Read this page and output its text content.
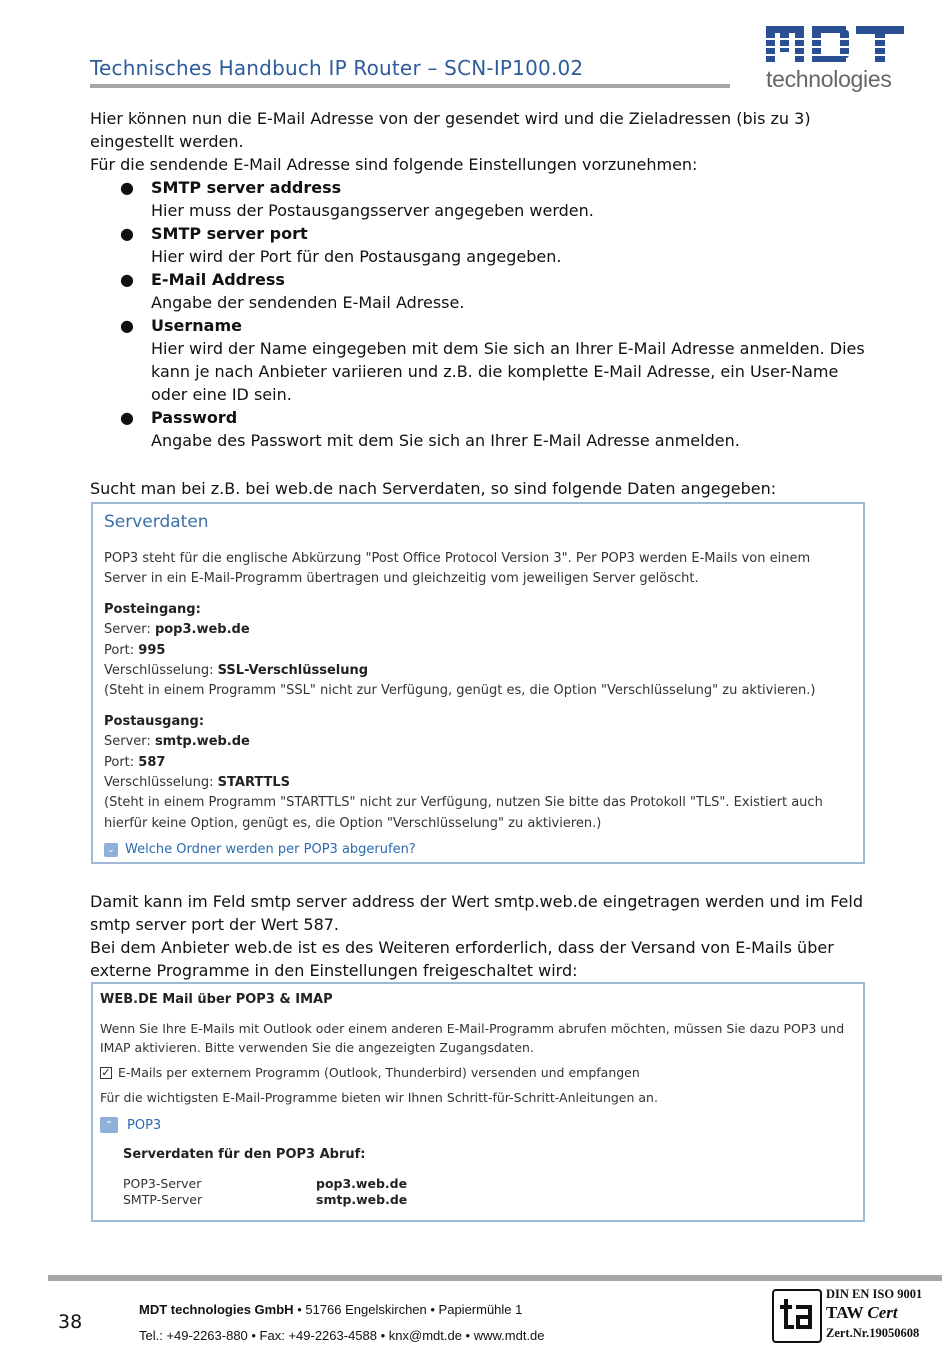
Technisches Handbuch IP Router – SCN-IP100.02	technologies
Hier können nun die E-Mail Adresse von der gesendet wird und die Zieladressen (bis zu 3) eingestellt werden.
Für die sendende E-Mail Adresse sind folgende Einstellungen vorzunehmen:
● SMTP server address
Hier muss der Postausgangsserver angegeben werden.
● SMTP server port
Hier wird der Port für den Postausgang angegeben.
● E-Mail Address
Angabe der sendenden E-Mail Adresse.
● Username
Hier wird der Name eingegeben mit dem Sie sich an Ihrer E-Mail Adresse anmelden. Dies kann je nach Anbieter variieren und z.B. die komplette E-Mail Adresse, ein User-Name oder eine ID sein.
● Password
Angabe des Passwort mit dem Sie sich an Ihrer E-Mail Adresse anmelden.
Sucht man bei z.B. bei web.de nach Serverdaten, so sind folgende Daten angegeben:
Serverdaten
POP3 steht für die englische Abkürzung "Post Office Protocol Version 3". Per POP3 werden E-Mails von einem Server in ein E-Mail-Programm übertragen und gleichzeitig vom jeweiligen Server gelöscht.
Posteingang:
Server: pop3.web.de
Port: 995
Verschlüsselung: SSL-Verschlüsselung
(Steht in einem Programm "SSL" nicht zur Verfügung, genügt es, die Option "Verschlüsselung" zu aktivieren.)
Postausgang:
Server: smtp.web.de
Port: 587
Verschlüsselung: STARTTLS
(Steht in einem Programm "STARTTLS" nicht zur Verfügung, nutzen Sie bitte das Protokoll "TLS". Existiert auch hierfür keine Option, genügt es, die Option "Verschlüsselung" zu aktivieren.)
⌄ Welche Ordner werden per POP3 abgerufen?
Damit kann im Feld smtp server address der Wert smtp.web.de eingetragen werden und im Feld smtp server port der Wert 587.
Bei dem Anbieter web.de ist es des Weiteren erforderlich, dass der Versand von E-Mails über externe Programme in den Einstellungen freigeschaltet wird:
WEB.DE Mail über POP3 & IMAP
Wenn Sie Ihre E-Mails mit Outlook oder einem anderen E-Mail-Programm abrufen möchten, müssen Sie dazu POP3 und IMAP aktivieren. Bitte verwenden Sie die angezeigten Zugangsdaten.
✓ E-Mails per externem Programm (Outlook, Thunderbird) versenden und empfangen
Für die wichtigsten E-Mail-Programme bieten wir Ihnen Schritt-für-Schritt-Anleitungen an.
⌃	POP3
Serverdaten für den POP3 Abruf:
POP3-Server	pop3.web.de
SMTP-Server	smtp.web.de
38
MDT technologies GmbH • 51766 Engelskirchen • Papiermühle 1
Tel.: +49-2263-880 • Fax: +49-2263-4588 • knx@mdt.de • www.mdt.de
DIN EN ISO 9001
TAW Cert
Zert.Nr.19050608
